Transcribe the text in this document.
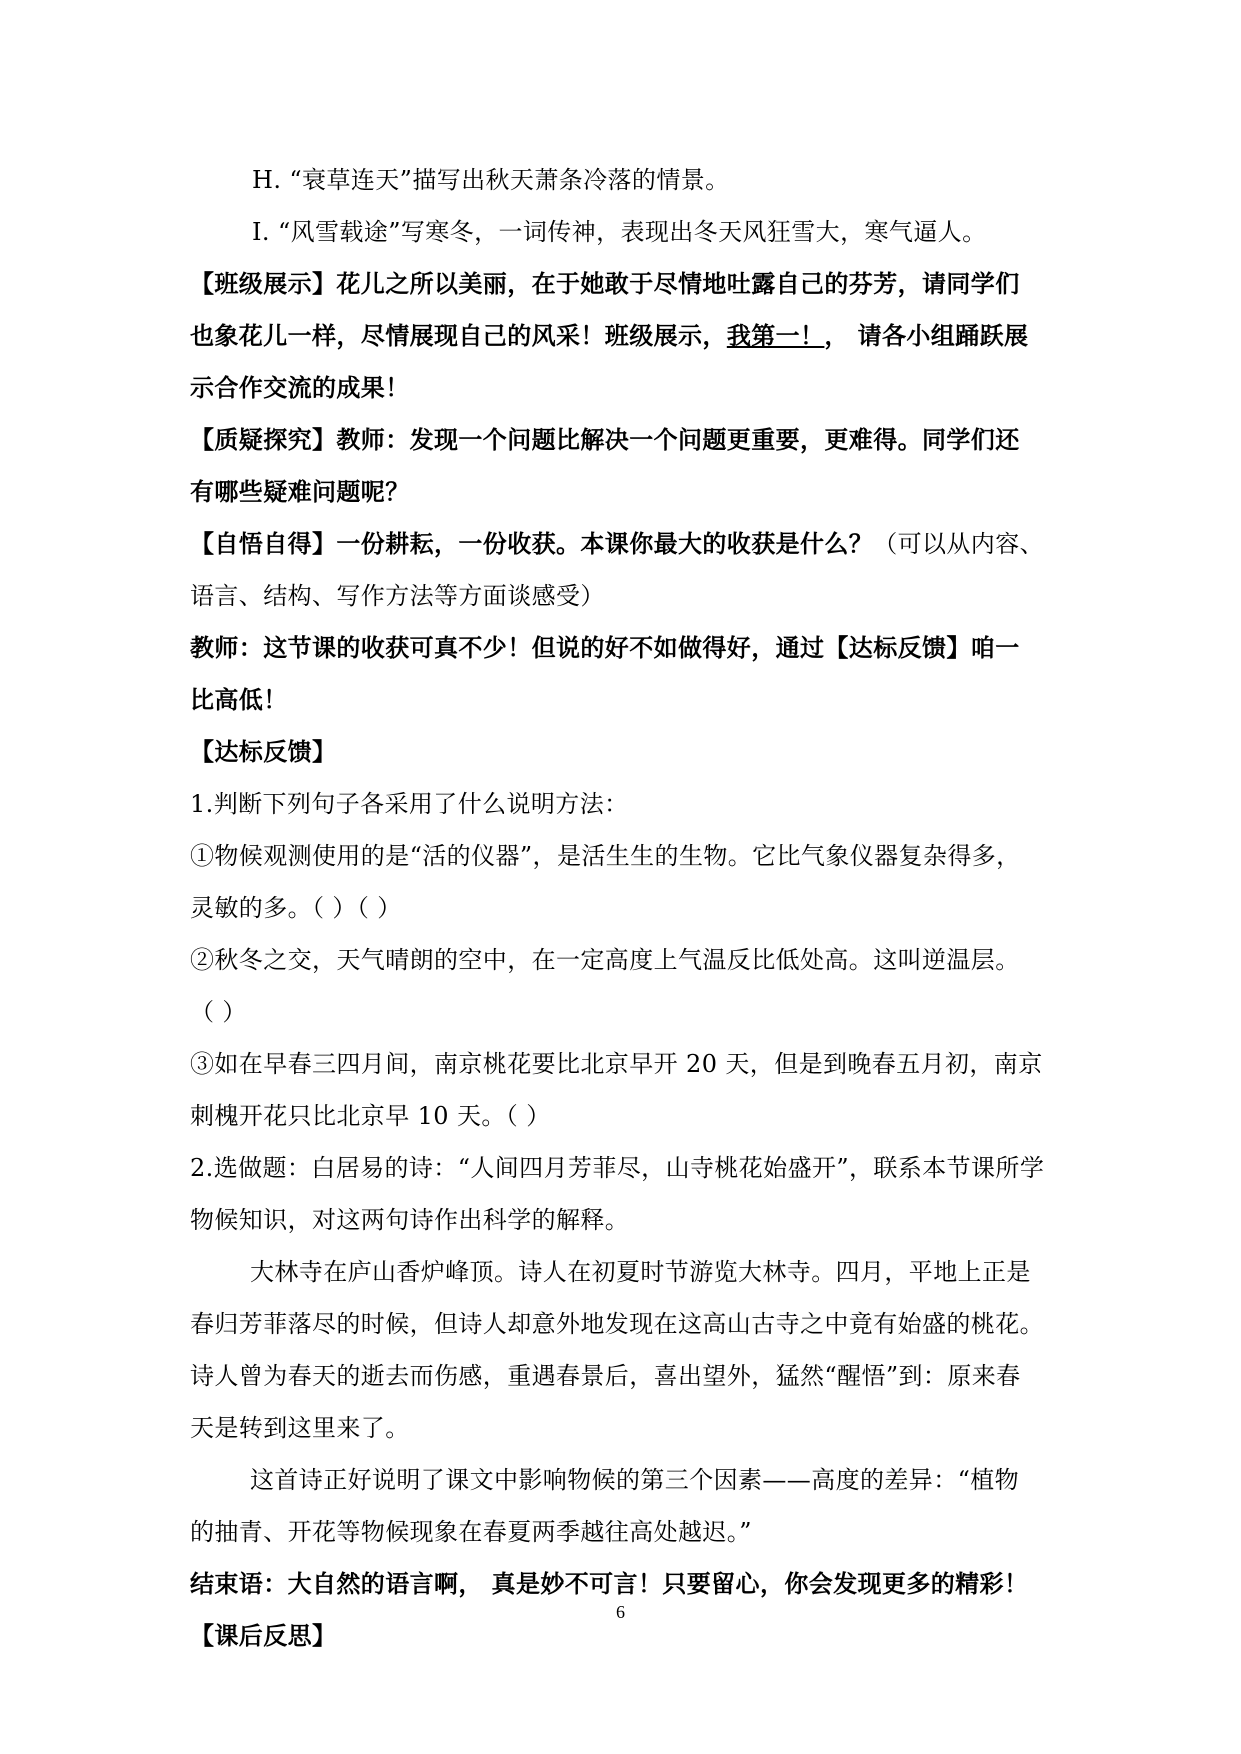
H. “衰草连天”描写出秋天萧条冷落的情景。
I. “风雪载途”写寒冬，一词传神，表现出冬天风狂雪大，寒气逼人。
【班级展示】花儿之所以美丽，在于她敢于尽情地吐露自己的芬芳，请同学们
也象花儿一样，尽情展现自己的风采！班级展示，我第一！， 请各小组踊跃展
示合作交流的成果！
【质疑探究】教师：发现一个问题比解决一个问题更重要，更难得。同学们还
有哪些疑难问题呢？
【自悟自得】一份耕耘，一份收获。本课你最大的收获是什么？（可以从内容、
语言、结构、写作方法等方面谈感受）
教师：这节课的收获可真不少！但说的好不如做得好，通过【达标反馈】咱一
比高低！
【达标反馈】
1.判断下列句子各采用了什么说明方法：
①物候观测使用的是“活的仪器”，是活生生的生物。它比气象仪器复杂得多，
灵敏的多。（ ）（ ）
②秋冬之交，天气晴朗的空中，在一定高度上气温反比低处高。这叫逆温层。
（ ）
③如在早春三四月间，南京桃花要比北京早开 20 天，但是到晚春五月初，南京
刺槐开花只比北京早 10 天。（ ）
2.选做题：白居易的诗：“人间四月芳菲尽，山寺桃花始盛开”，联系本节课所学
物候知识，对这两句诗作出科学的解释。
大林寺在庐山香炉峰顶。诗人在初夏时节游览大林寺。四月，平地上正是
春归芳菲落尽的时候，但诗人却意外地发现在这高山古寺之中竟有始盛的桃花。
诗人曾为春天的逝去而伤感，重遇春景后，喜出望外，猛然“醒悟”到：原来春
天是转到这里来了。
这首诗正好说明了课文中影响物候的第三个因素——高度的差异：“植物
的抽青、开花等物候现象在春夏两季越往高处越迟。”
结束语：大自然的语言啊， 真是妙不可言！只要留心，你会发现更多的精彩！
【课后反思】
6
